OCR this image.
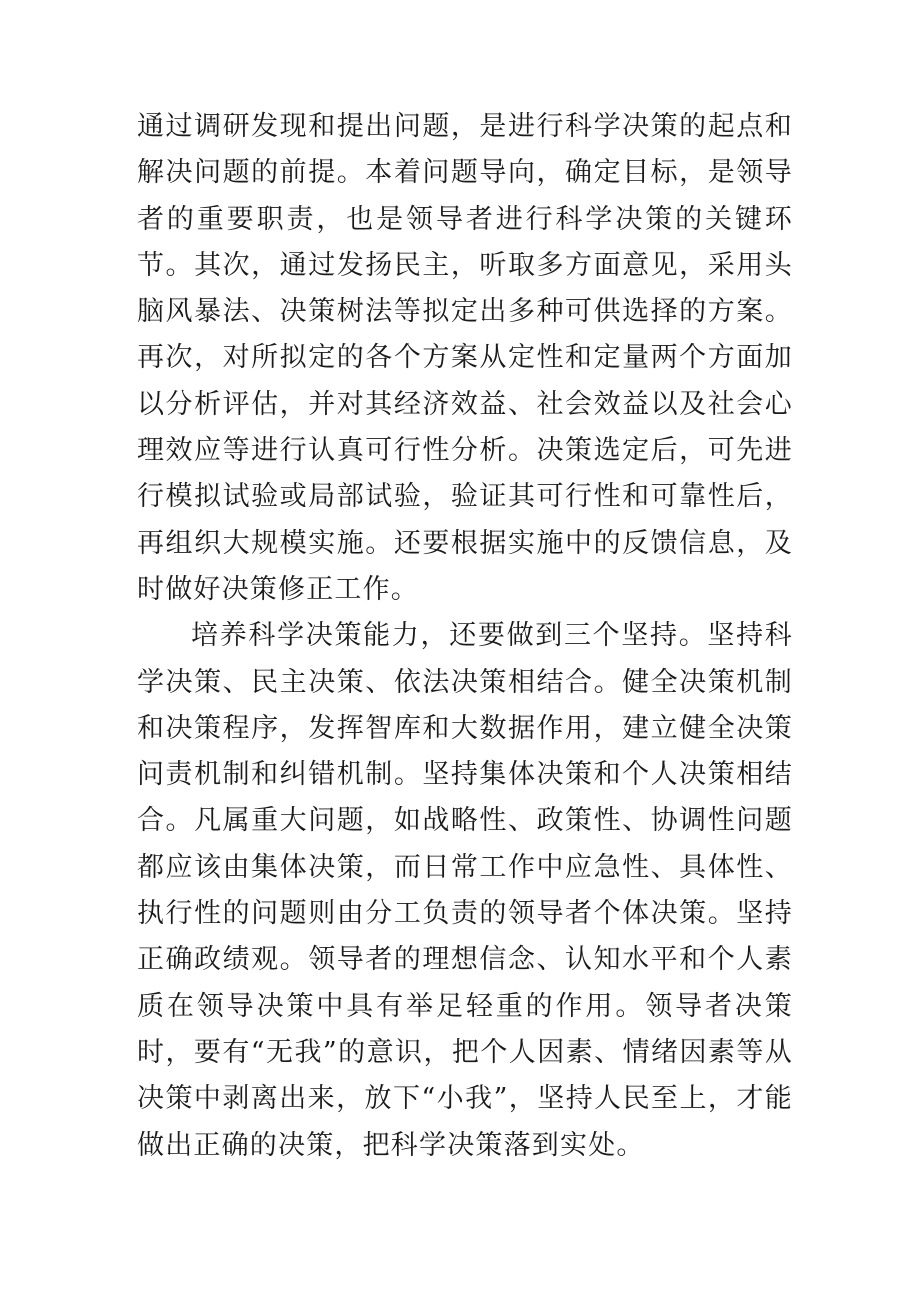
通过调研发现和提出问题，是进行科学决策的起点和解决问题的前提。本着问题导向，确定目标，是领导者的重要职责，也是领导者进行科学决策的关键环节。其次，通过发扬民主，听取多方面意见，采用头脑风暴法、决策树法等拟定出多种可供选择的方案。再次，对所拟定的各个方案从定性和定量两个方面加以分析评估，并对其经济效益、社会效益以及社会心理效应等进行认真可行性分析。决策选定后，可先进行模拟试验或局部试验，验证其可行性和可靠性后，再组织大规模实施。还要根据实施中的反馈信息，及时做好决策修正工作。

培养科学决策能力，还要做到三个坚持。坚持科学决策、民主决策、依法决策相结合。健全决策机制和决策程序，发挥智库和大数据作用，建立健全决策问责机制和纠错机制。坚持集体决策和个人决策相结合。凡属重大问题，如战略性、政策性、协调性问题都应该由集体决策，而日常工作中应急性、具体性、执行性的问题则由分工负责的领导者个体决策。坚持正确政绩观。领导者的理想信念、认知水平和个人素质在领导决策中具有举足轻重的作用。领导者决策时，要有“无我”的意识，把个人因素、情绪因素等从决策中剥离出来，放下“小我”，坚持人民至上，才能做出正确的决策，把科学决策落到实处。
